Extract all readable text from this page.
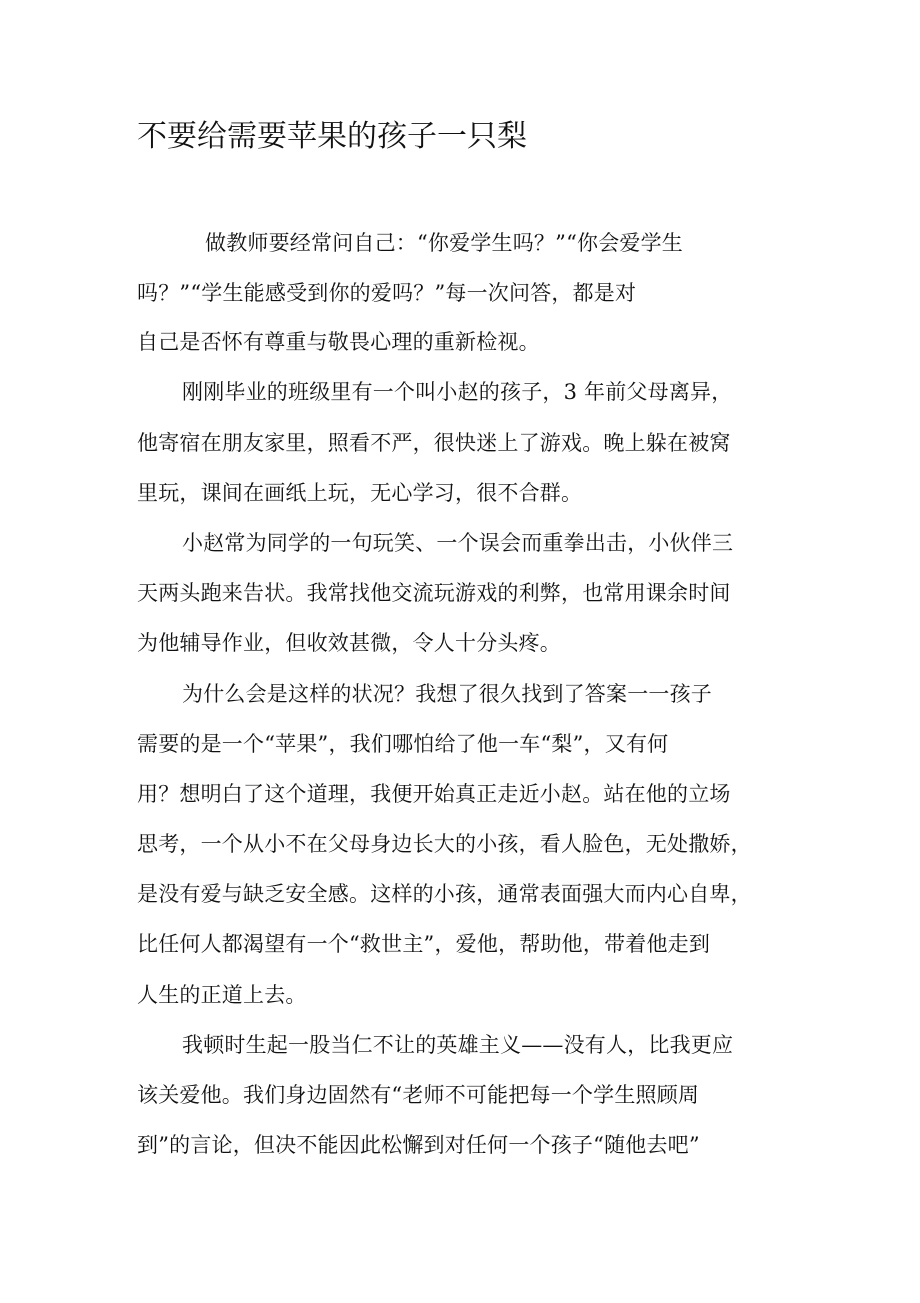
不要给需要苹果的孩子一只梨
做教师要经常问自己：“你爱学生吗？”“你会爱学生
吗？”“学生能感受到你的爱吗？”每一次问答，都是对
自己是否怀有尊重与敬畏心理的重新检视。
刚刚毕业的班级里有一个叫小赵的孩子，3 年前父母离异，
他寄宿在朋友家里，照看不严，很快迷上了游戏。晚上躲在被窝
里玩，课间在画纸上玩，无心学习，很不合群。
小赵常为同学的一句玩笑、一个误会而重拳出击，小伙伴三
天两头跑来告状。我常找他交流玩游戏的利弊，也常用课余时间
为他辅导作业，但收效甚微，令人十分头疼。
为什么会是这样的状况？我想了很久找到了答案一一孩子
需要的是一个“苹果”，我们哪怕给了他一车“梨”，又有何
用？想明白了这个道理，我便开始真正走近小赵。站在他的立场
思考，一个从小不在父母身边长大的小孩，看人脸色，无处撒娇，
是没有爱与缺乏安全感。这样的小孩，通常表面强大而内心自卑，
比任何人都渴望有一个“救世主”，爱他，帮助他，带着他走到
人生的正道上去。
我顿时生起一股当仁不让的英雄主义——没有人，比我更应
该关爱他。我们身边固然有“老师不可能把每一个学生照顾周
到”的言论，但决不能因此松懈到对任何一个孩子“随他去吧”
